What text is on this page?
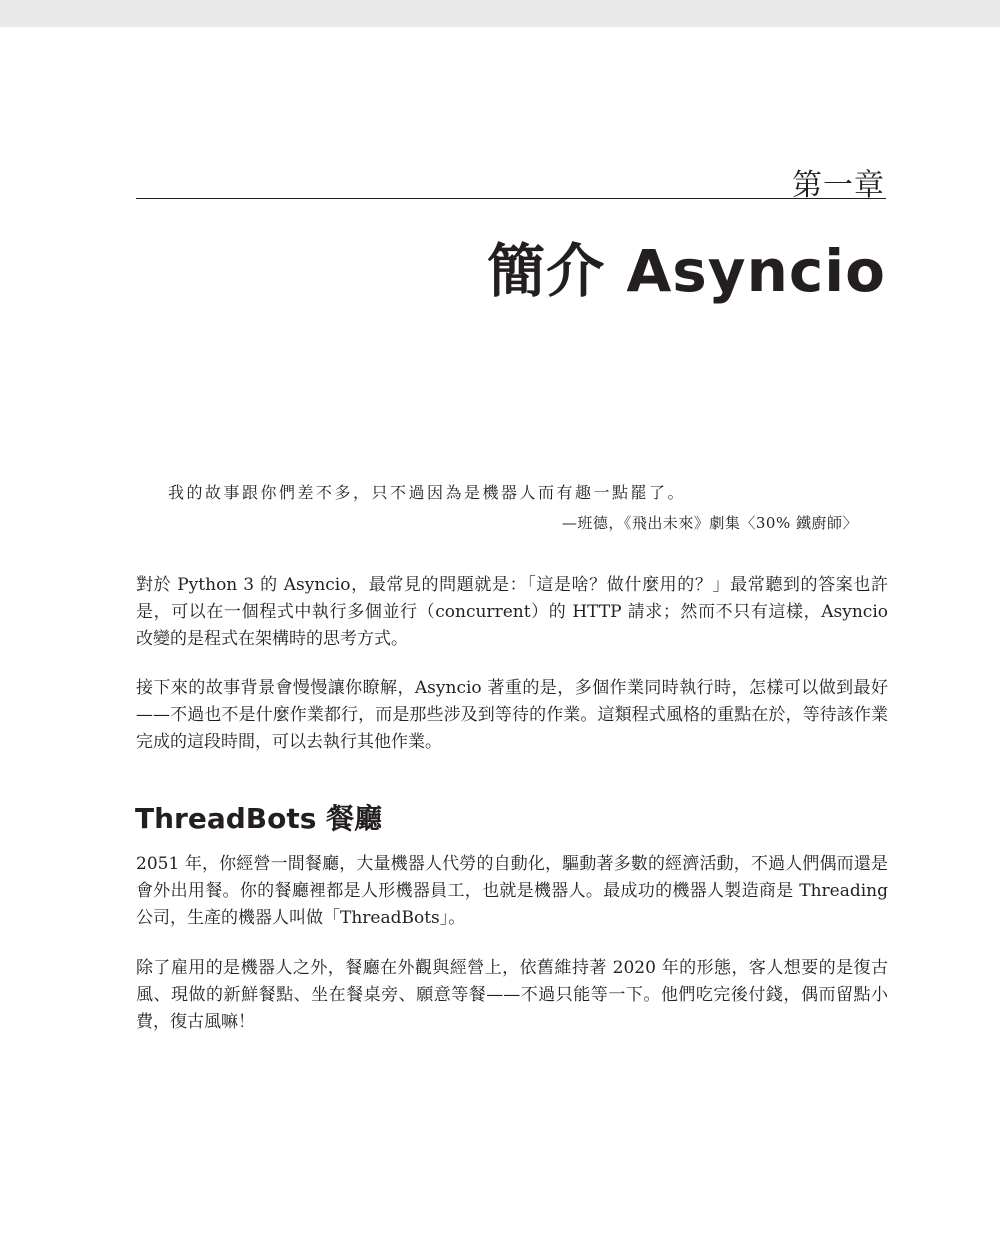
第一章
簡介 Asyncio
我的故事跟你們差不多，只不過因為是機器人而有趣一點罷了。
—班德，《飛出未來》劇集〈30% 鐵廚師〉

對於 Python 3 的 Asyncio，最常見的問題就是：「這是啥？做什麼用的？」最常聽到的答案也許是，可以在一個程式中執行多個並行（concurrent）的 HTTP 請求；然而不只有這樣，Asyncio 改變的是程式在架構時的思考方式。

接下來的故事背景會慢慢讓你瞭解，Asyncio 著重的是，多個作業同時執行時，怎樣可以做到最好——不過也不是什麼作業都行，而是那些涉及到等待的作業。這類程式風格的重點在於，等待該作業完成的這段時間，可以去執行其他作業。

ThreadBots 餐廳

2051 年，你經營一間餐廳，大量機器人代勞的自動化，驅動著多數的經濟活動，不過人們偶而還是會外出用餐。你的餐廳裡都是人形機器員工，也就是機器人。最成功的機器人製造商是 Threading 公司，生產的機器人叫做「ThreadBots」。

除了雇用的是機器人之外，餐廳在外觀與經營上，依舊維持著 2020 年的形態，客人想要的是復古風、現做的新鮮餐點、坐在餐桌旁、願意等餐——不過只能等一下。他們吃完後付錢，偶而留點小費，復古風嘛！
